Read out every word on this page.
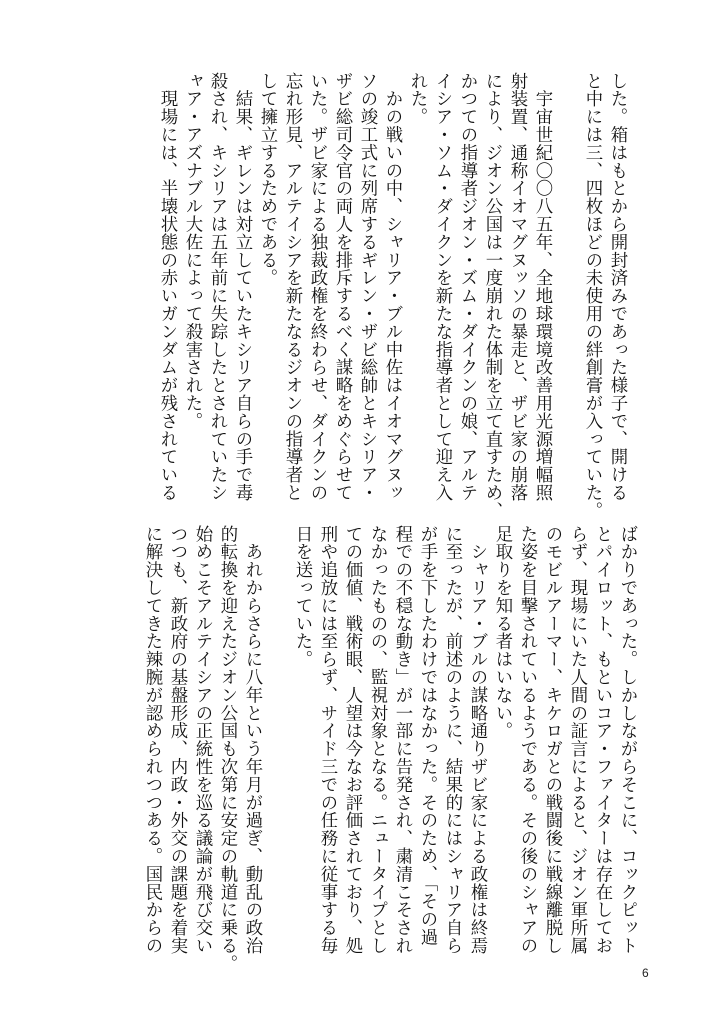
した。箱はもとから開封済みであった様子で、開ける

と中には三、四枚ほどの未使用の絆創膏が入っていた。

　宇宙世紀〇〇八五年、全地球環境改善用光源増幅照

射装置、通称イオマグヌッソの暴走と、ザビ家の崩落

により、ジオン公国は一度崩れた体制を立て直すため、

かつての指導者ジオン・ズム・ダイクンの娘、アルテ

イシア・ソム・ダイクンを新たな指導者として迎え入

れた。

　かの戦いの中、シャリア・ブル中佐はイオマグヌッ

ソの竣工式に列席するギレン・ザビ総帥とキシリア・

ザビ総司令官の両人を排斥するべく謀略をめぐらせて

いた。ザビ家による独裁政権を終わらせ、ダイクンの

忘れ形見、アルテイシアを新たなるジオンの指導者と

して擁立するためである。

　結果、ギレンは対立していたキシリア自らの手で毒

殺され、キシリアは五年前に失踪したとされていたシ

ャア・アズナブル大佐によって殺害された。

　現場には、半壊状態の赤いガンダムが残されている

ばかりであった。しかしながらそこに、コックピット

とパイロット、もといコア・ファイターは存在してお

らず、現場にいた人間の証言によると、ジオン軍所属

のモビルアーマー、キケロガとの戦闘後に戦線離脱し

た姿を目撃されているようである。その後のシャアの

足取りを知る者はいない。

　シャリア・ブルの謀略通りザビ家による政権は終焉

に至ったが、前述のように、結果的にはシャリア自ら

が手を下したわけではなかった。そのため、「その過

程での不穏な動き」が一部に告発され、粛清こそされ

なかったものの、監視対象となる。ニュータイプとし

ての価値、戦術眼、人望は今なお評価されており、処

刑や追放には至らず、サイド三での任務に従事する毎

日を送っていた。

　あれからさらに八年という年月が過ぎ、動乱の政治

的転換を迎えたジオン公国も次第に安定の軌道に乗る。

始めこそアルテイシアの正統性を巡る議論が飛び交い

つつも、新政府の基盤形成、内政・外交の課題を着実

に解決してきた辣腕が認められつつある。国民からの

6
